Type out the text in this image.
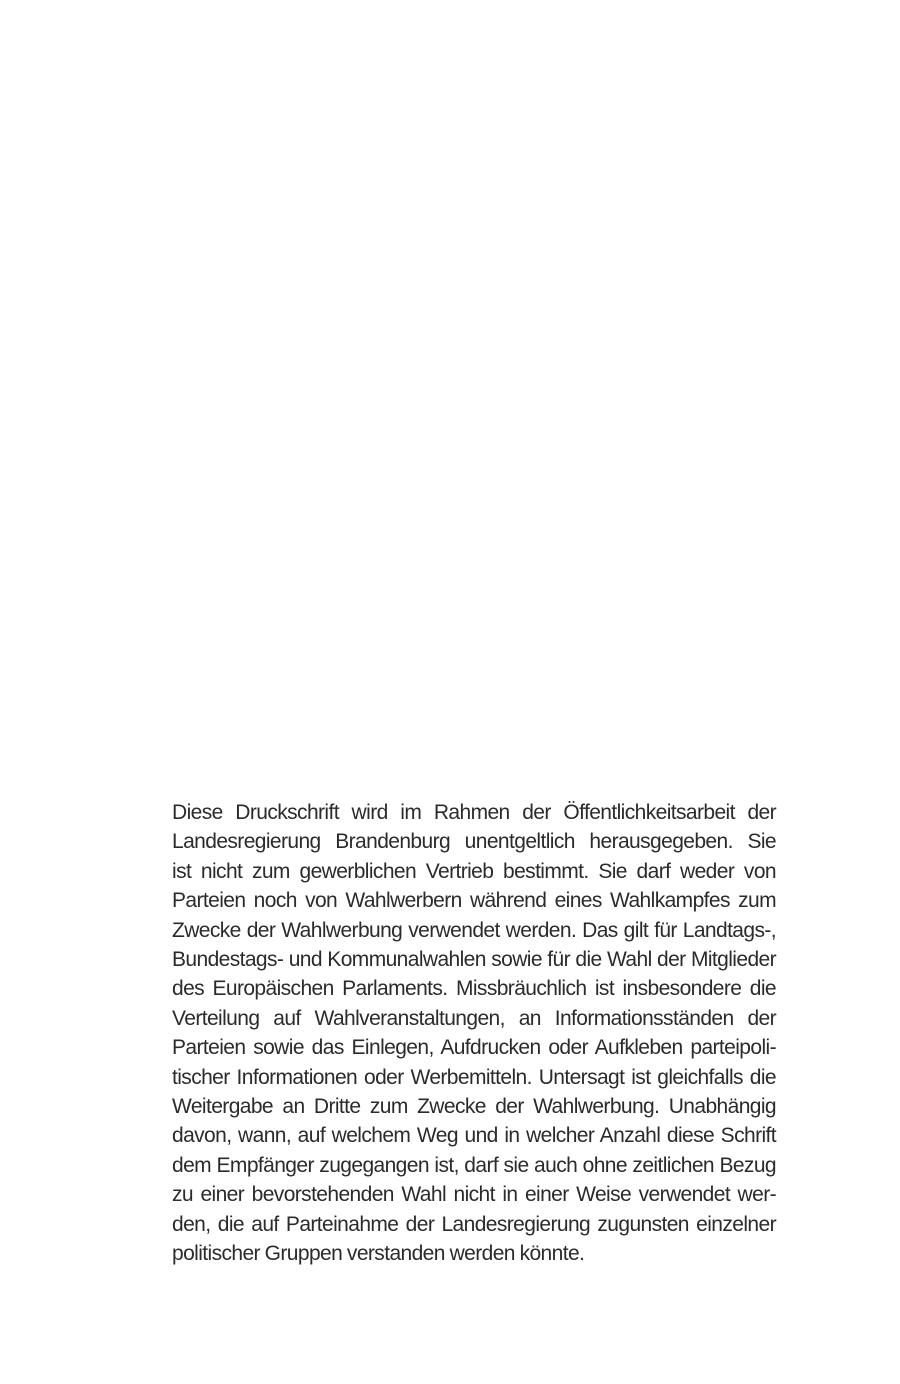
Diese Druckschrift wird im Rahmen der Öffentlichkeitsarbeit der
Landesregierung Brandenburg unentgeltlich herausgegeben. Sie
ist nicht zum gewerblichen Vertrieb bestimmt. Sie darf weder von
Parteien noch von Wahlwerbern während eines Wahlkampfes zum
Zwecke der Wahlwerbung verwendet werden. Das gilt für Landtags-,
Bundestags- und Kommunalwahlen sowie für die Wahl der Mitglieder
des Europäischen Parlaments. Missbräuchlich ist insbesondere die
Verteilung auf Wahlveranstaltungen, an Informationsständen der
Parteien sowie das Einlegen, Aufdrucken oder Aufkleben parteipoli-
tischer Informationen oder Werbemitteln. Untersagt ist gleichfalls die
Weitergabe an Dritte zum Zwecke der Wahlwerbung. Unabhängig
davon, wann, auf welchem Weg und in welcher Anzahl diese Schrift
dem Empfänger zugegangen ist, darf sie auch ohne zeitlichen Bezug
zu einer bevorstehenden Wahl nicht in einer Weise verwendet wer-
den, die auf Parteinahme der Landesregierung zugunsten einzelner
politischer Gruppen verstanden werden könnte.
